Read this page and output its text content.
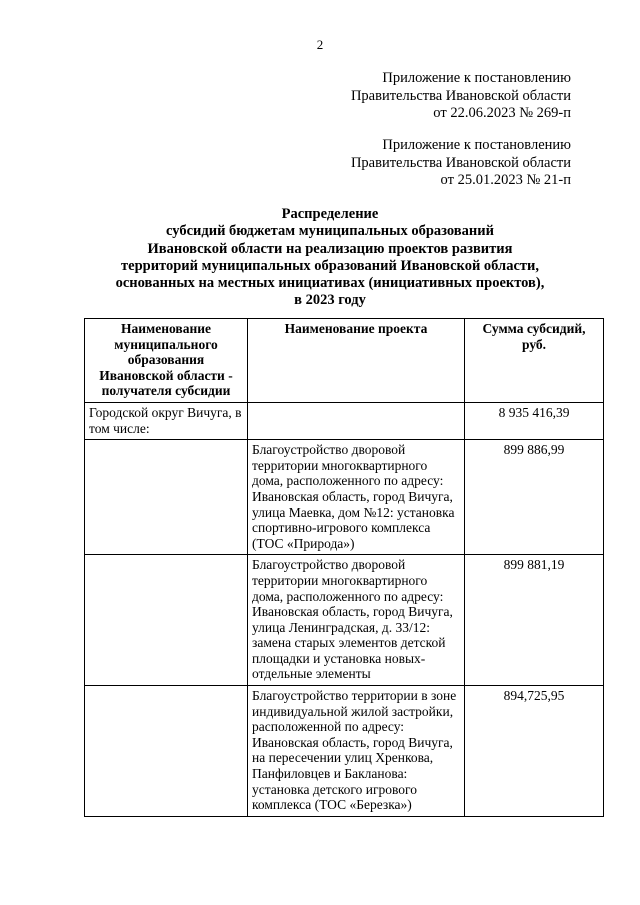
2
Приложение к постановлению
Правительства Ивановской области
от 22.06.2023 № 269-п
Приложение к постановлению
Правительства Ивановской области
от 25.01.2023 № 21-п
Распределение
субсидий бюджетам муниципальных образований
Ивановской области на реализацию проектов развития
территорий муниципальных образований Ивановской области,
основанных на местных инициативах (инициативных проектов),
в 2023 году
Наименование муниципального образования Ивановской области - получателя субсидии	Наименование проекта	Сумма субсидий, руб.
Городской округ Вичуга, в том числе:		8 935 416,39
	Благоустройство дворовой территории многоквартирного дома, расположенного по адресу: Ивановская область, город Вичуга, улица Маевка, дом №12: установка спортивно-игрового комплекса (ТОС «Природа»)	899 886,99
	Благоустройство дворовой территории многоквартирного дома, расположенного по адресу: Ивановская область, город Вичуга, улица Ленинградская, д. 33/12: замена старых элементов детской площадки и установка новых-отдельные элементы	899 881,19
	Благоустройство территории в зоне индивидуальной жилой застройки, расположенной по адресу: Ивановская область, город Вичуга, на пересечении улиц Хренкова, Панфиловцев и Бакланова: установка детского игрового комплекса (ТОС «Березка»)	894,725,95
